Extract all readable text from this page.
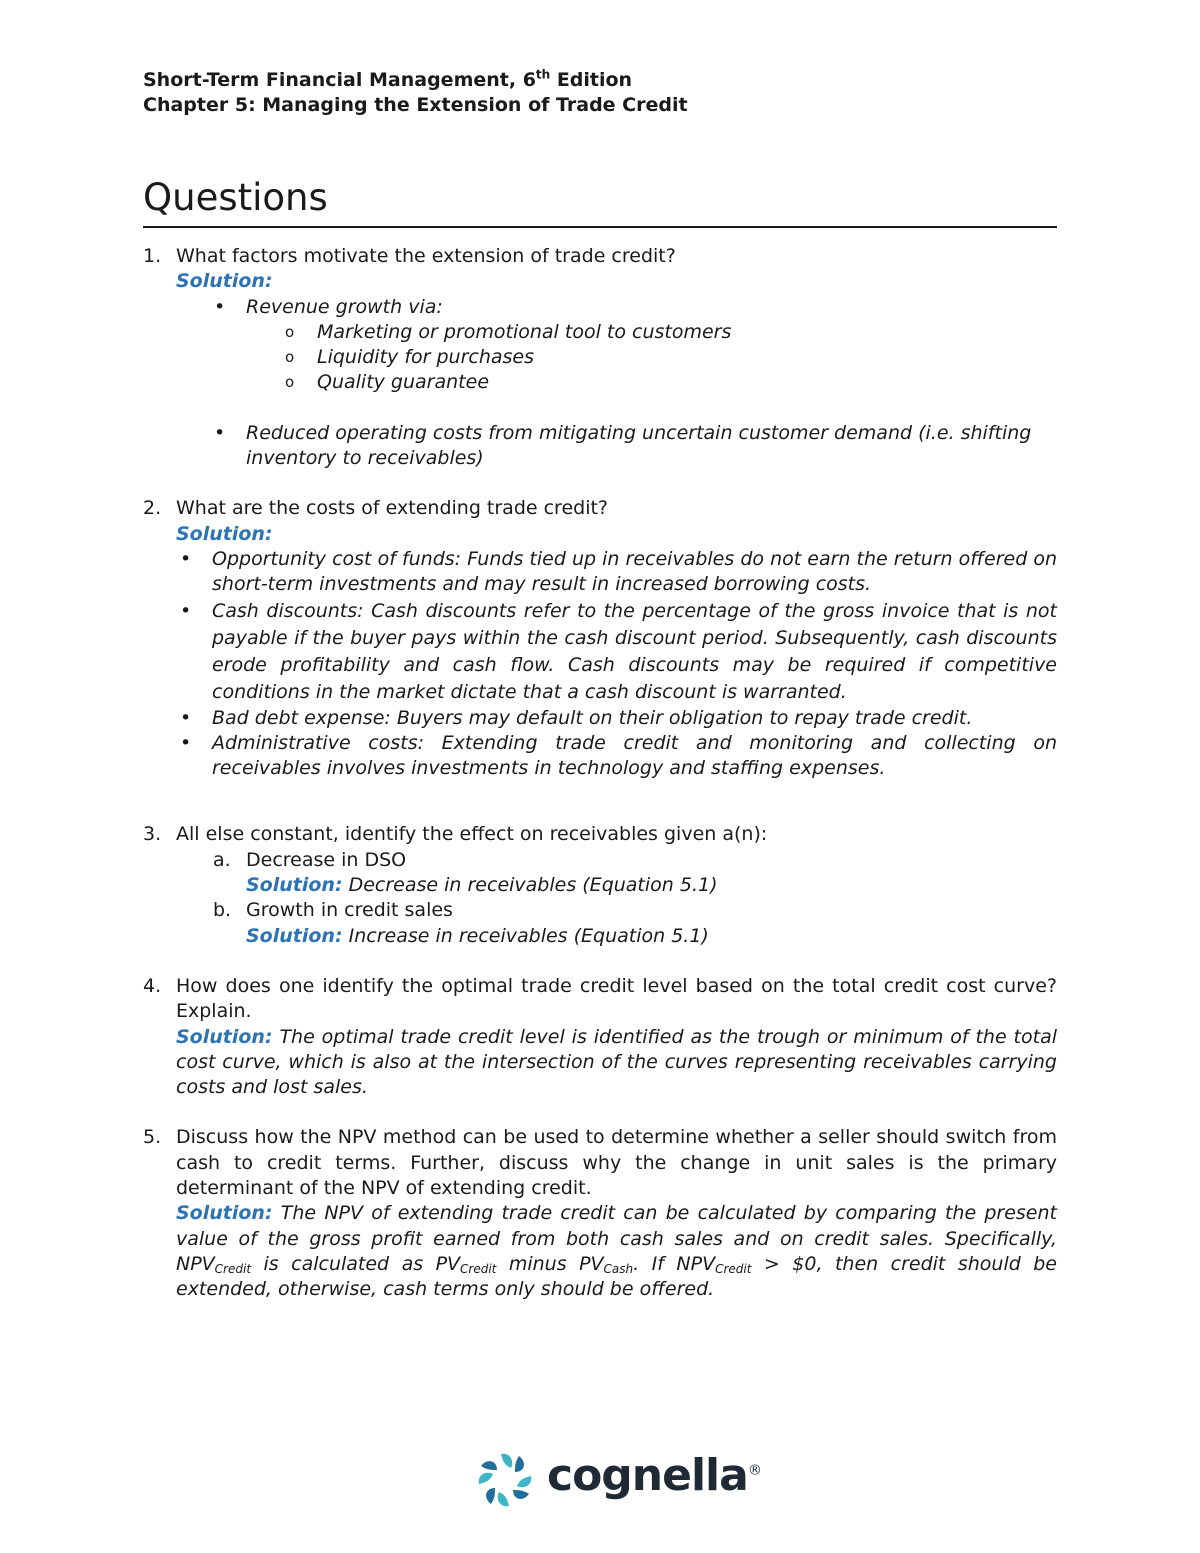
Short-Term Financial Management, 6th Edition
Chapter 5: Managing the Extension of Trade Credit
Questions
1. What factors motivate the extension of trade credit?
Solution:
• Revenue growth via:
o Marketing or promotional tool to customers
o Liquidity for purchases
o Quality guarantee
• Reduced operating costs from mitigating uncertain customer demand (i.e. shifting inventory to receivables)
2. What are the costs of extending trade credit?
Solution:
• Opportunity cost of funds: Funds tied up in receivables do not earn the return offered on short-term investments and may result in increased borrowing costs.
• Cash discounts: Cash discounts refer to the percentage of the gross invoice that is not payable if the buyer pays within the cash discount period. Subsequently, cash discounts erode profitability and cash flow. Cash discounts may be required if competitive conditions in the market dictate that a cash discount is warranted.
• Bad debt expense: Buyers may default on their obligation to repay trade credit.
• Administrative costs: Extending trade credit and monitoring and collecting on receivables involves investments in technology and staffing expenses.
3. All else constant, identify the effect on receivables given a(n):
a. Decrease in DSO
Solution: Decrease in receivables (Equation 5.1)
b. Growth in credit sales
Solution: Increase in receivables (Equation 5.1)
4. How does one identify the optimal trade credit level based on the total credit cost curve? Explain.
Solution: The optimal trade credit level is identified as the trough or minimum of the total cost curve, which is also at the intersection of the curves representing receivables carrying costs and lost sales.
5. Discuss how the NPV method can be used to determine whether a seller should switch from cash to credit terms. Further, discuss why the change in unit sales is the primary determinant of the NPV of extending credit.
Solution: The NPV of extending trade credit can be calculated by comparing the present value of the gross profit earned from both cash sales and on credit sales. Specifically, $NPV_{Credit}$ is calculated as $PV_{Credit}$ minus $PV_{Cash}$. If $NPV_{Credit}$ > $0, then credit should be extended, otherwise, cash terms only should be offered.
cognella®
